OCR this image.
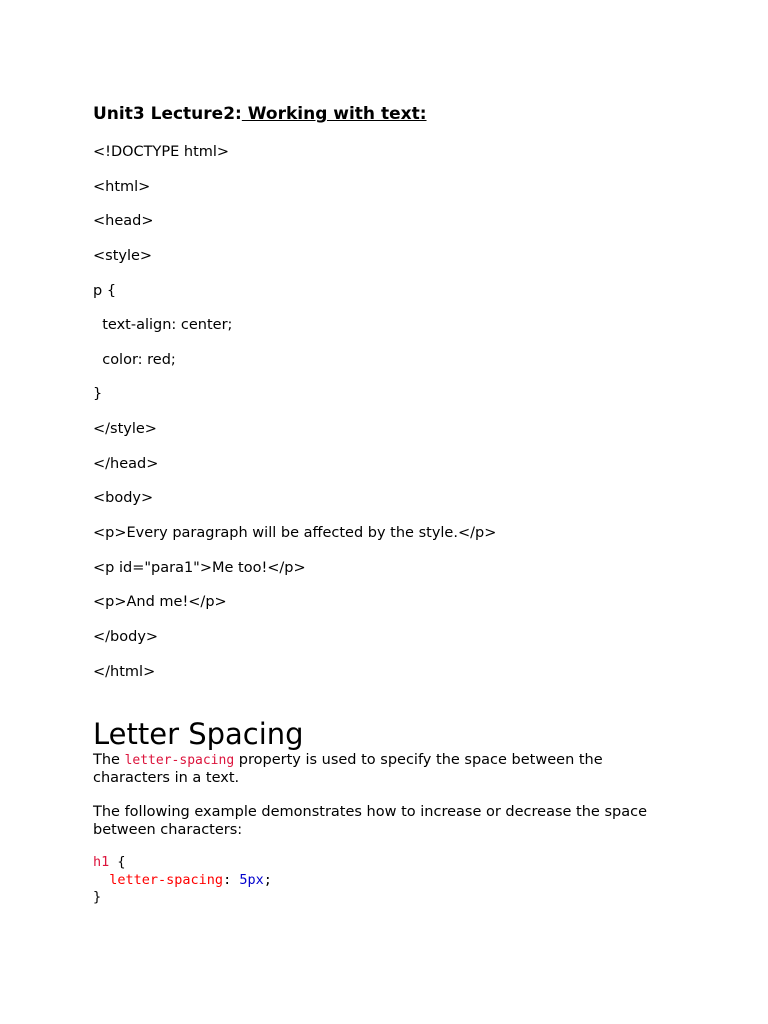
Unit3 Lecture2: Working with text:
<!DOCTYPE html>
<html>
<head>
<style>
p {
text-align: center;
color: red;
}
</style>
</head>
<body>
<p>Every paragraph will be affected by the style.</p>
<p id="para1">Me too!</p>
<p>And me!</p>
</body>
</html>
Letter Spacing
The letter-spacing property is used to specify the space between the characters in a text.
The following example demonstrates how to increase or decrease the space between characters:
h1 {
letter-spacing: 5px;
}
